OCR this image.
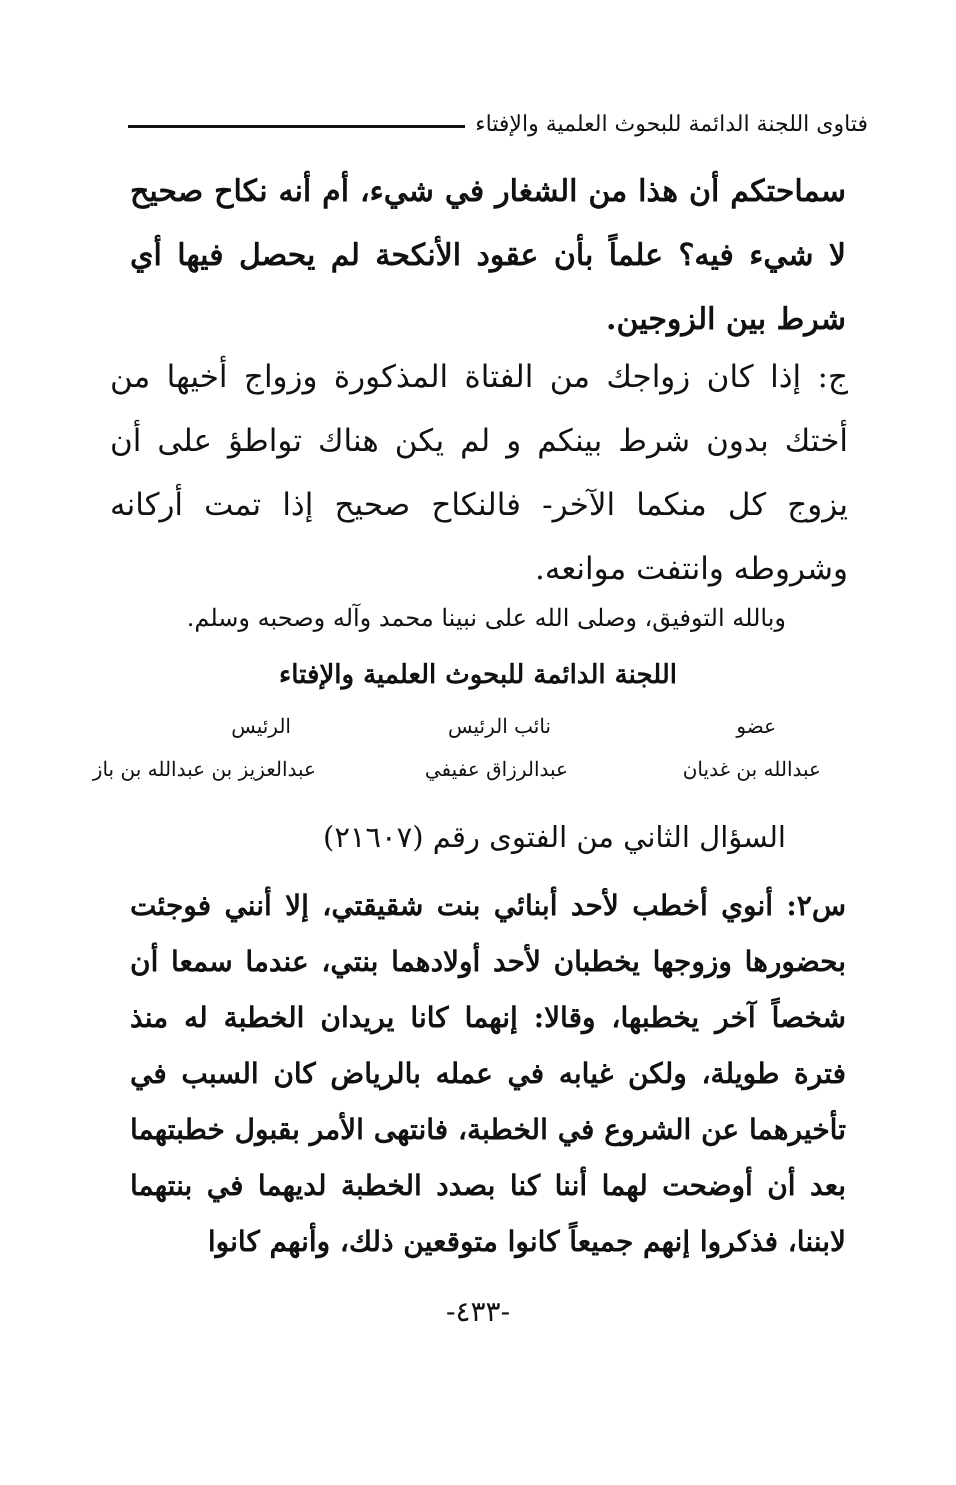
فتاوى اللجنة الدائمة للبحوث العلمية والإفتاء
سماحتكم أن هذا من الشغار في شيء، أم أنه نكاح صحيح لا شيء فيه؟ علماً بأن عقود الأنكحة لم يحصل فيها أي شرط بين الزوجين.
ج: إذا كان زواجك من الفتاة المذكورة وزواج أخيها من أختك بدون شرط بينكم و لم يكن هناك تواطؤ على أن يزوج كل منكما الآخر- فالنكاح صحيح إذا تمت أركانه وشروطه وانتفت موانعه.
وبالله التوفيق، وصلى الله على نبينا محمد وآله وصحبه وسلم.
اللجنة الدائمة للبحوث العلمية والإفتاء
عضو
نائب الرئيس
الرئيس
عبدالله بن غديان
عبدالرزاق عفيفي
عبدالعزيز بن عبدالله بن باز
السؤال الثاني من الفتوى رقم (٢١٦٠٧)
س٢: أنوي أخطب لأحد أبنائي بنت شقيقتي، إلا أنني فوجئت بحضورها وزوجها يخطبان لأحد أولادهما بنتي، عندما سمعا أن شخصاً آخر يخطبها، وقالا: إنهما كانا يريدان الخطبة له منذ فترة طويلة، ولكن غيابه في عمله بالرياض كان السبب في تأخيرهما عن الشروع في الخطبة، فانتهى الأمر بقبول خطبتهما بعد أن أوضحت لهما أننا كنا بصدد الخطبة لديهما في بنتهما لابننا، فذكروا إنهم جميعاً كانوا متوقعين ذلك، وأنهم كانوا
-٤٣٣-
